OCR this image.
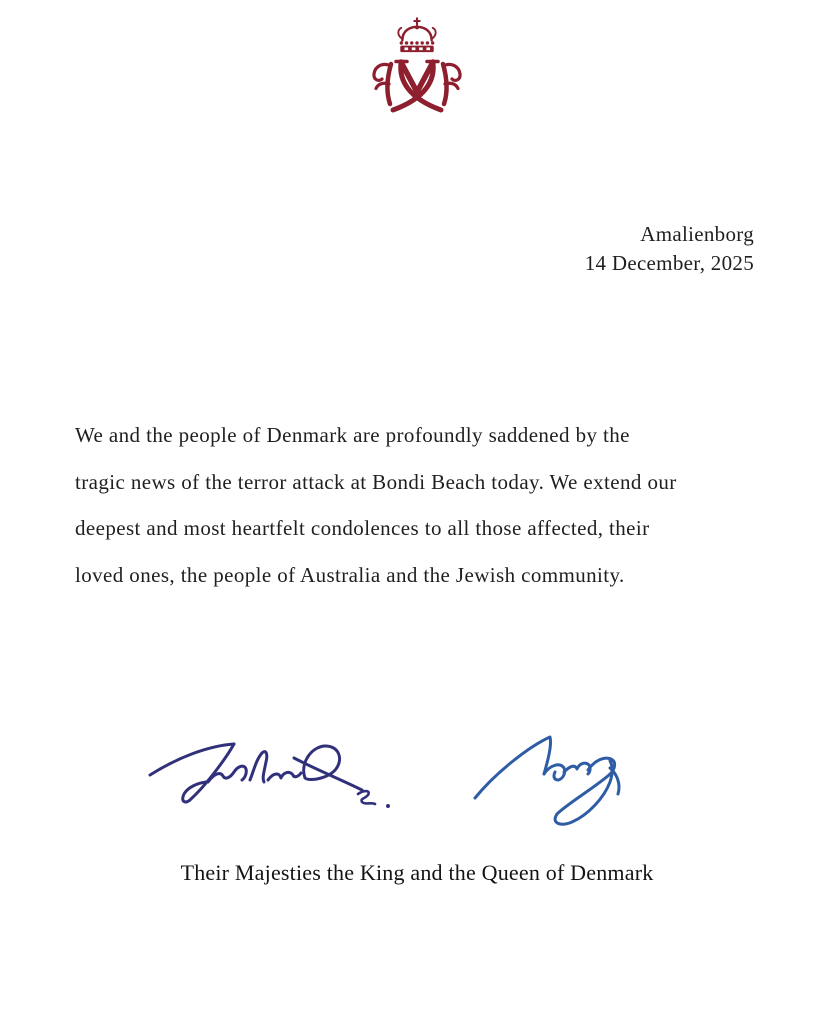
Amalienborg
14 December, 2025
We and the people of Denmark are profoundly saddened by the
tragic news of the terror attack at Bondi Beach today. We extend our
deepest and most heartfelt condolences to all those affected, their
loved ones, the people of Australia and the Jewish community.
Their Majesties the King and the Queen of Denmark
